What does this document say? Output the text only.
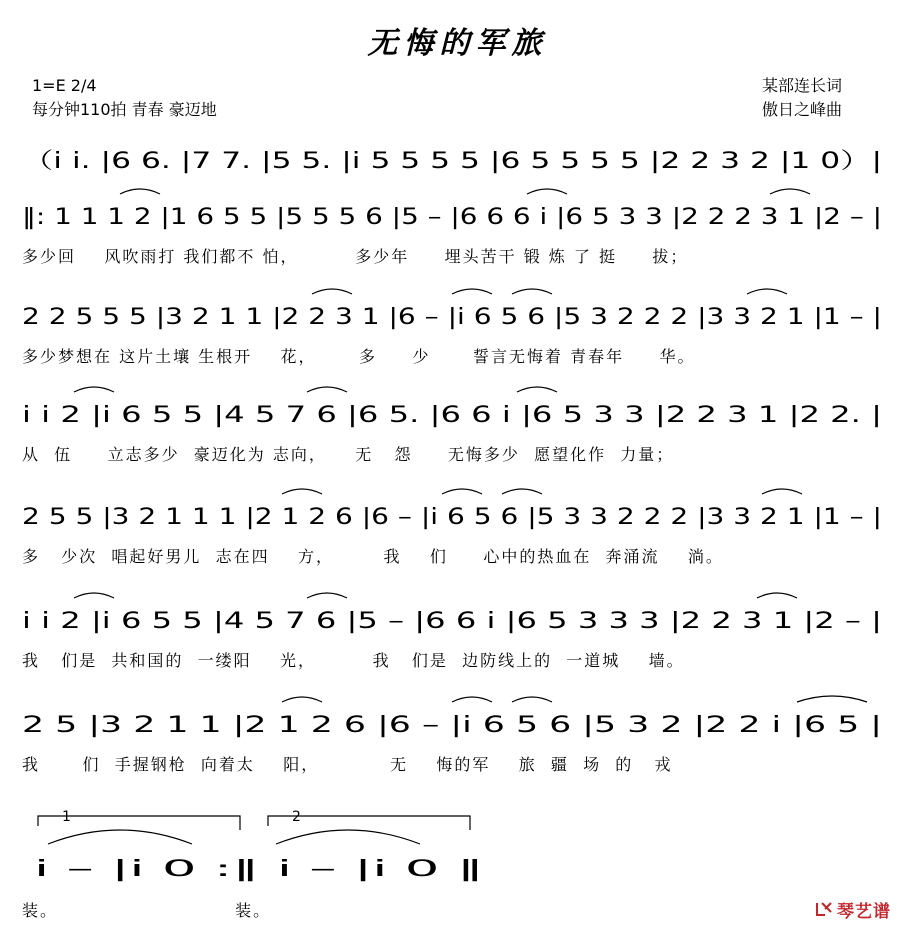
无悔的军旅
1=E 2/4
每分钟110拍 青春 豪迈地
某部连长词
傲日之峰曲
（i i. |6 6. |7 7. |5 5. |i 5 5 5 5 |6 5 5 5 5 |2 2 3 2 |1 0）|
‖: 1 1 1 2 |1 6 5 5 |5 5 5 6 |5 – |6 6 6 i |6 5 3 3 |2 2 2 3 1 |2 – |
多少回    风吹雨打 我们都不 怕，        多少年     埋头苦干 锻 炼 了 挺     拔；
2 2 5 5 5 |3 2 1 1 |2 2 3 1 |6 – |i 6 5 6 |5 3 2 2 2 |3 3 2 1 |1 – |
多少梦想在 这片土壤 生根开    花，      多     少      誓言无悔着 青春年     华。
i i 2 |i 6 5 5 |4 5 7 6 |6 5. |6 6 i |6 5 3 3 |2 2 3 1 |2 2. |
从  伍     立志多少  豪迈化为 志向，    无   怨     无悔多少  愿望化作  力量；
2 5 5 |3 2 1 1 1 |2 1 2 6 |6 – |i 6 5 6 |5 3 3 2 2 2 |3 3 2 1 |1 – |
多   少次  唱起好男儿  志在四    方，       我    们     心中的热血在  奔涌流    淌。
i i 2 |i 6 5 5 |4 5 7 6 |5 – |6 6 i |6 5 3 3 3 |2 2 3 1 |2 – |
我   们是  共和国的  一缕阳    光，        我   们是  边防线上的  一道城    墙。
2 5 |3 2 1 1 |2 1 2 6 |6 – |i 6 5 6 |5 3 2 |2 2 i |6 5 |
我      们  手握钢枪  向着太    阳，          无    悔的军    旅  疆  场  的   戎
1	2
i – |i 0 :‖ i – |i 0 ‖
装。                         装。	琴艺谱
